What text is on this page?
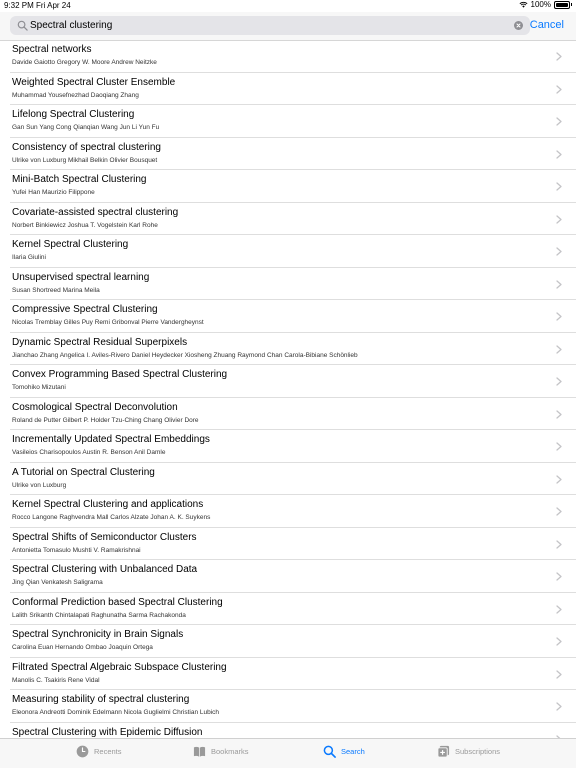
9:32 PM Fri Apr 24	100%
Spectral clustering
Cancel
Spectral networks
Davide Gaiotto Gregory W. Moore Andrew Neitzke
Weighted Spectral Cluster Ensemble
Muhammad Yousefnezhad Daoqiang Zhang
Lifelong Spectral Clustering
Gan Sun Yang Cong Qianqian Wang Jun Li Yun Fu
Consistency of spectral clustering
Ulrike von Luxburg Mikhail Belkin Olivier Bousquet
Mini-Batch Spectral Clustering
Yufei Han Maurizio Filippone
Covariate-assisted spectral clustering
Norbert Binkiewicz Joshua T. Vogelstein Karl Rohe
Kernel Spectral Clustering
Ilaria Giulini
Unsupervised spectral learning
Susan Shortreed Marina Meila
Compressive Spectral Clustering
Nicolas Tremblay Gilles Puy Remi Gribonval Pierre Vandergheynst
Dynamic Spectral Residual Superpixels
Jianchao Zhang Angelica I. Aviles-Rivero Daniel Heydecker Xiosheng Zhuang Raymond Chan Carola-Bibiane Schönlieb
Convex Programming Based Spectral Clustering
Tomohiko Mizutani
Cosmological Spectral Deconvolution
Roland de Putter Gilbert P. Holder Tzu-Ching Chang Olivier Dore
Incrementally Updated Spectral Embeddings
Vasileios Charisopoulos Austin R. Benson Anil Damle
A Tutorial on Spectral Clustering
Ulrike von Luxburg
Kernel Spectral Clustering and applications
Rocco Langone Raghvendra Mall Carlos Alzate Johan A. K. Suykens
Spectral Shifts of Semiconductor Clusters
Antonietta Tomasulo Mushti V. Ramakrishnai
Spectral Clustering with Unbalanced Data
Jing Qian Venkatesh Saligrama
Conformal Prediction based Spectral Clustering
Lalith Srikanth Chintalapati Raghunatha Sarma Rachakonda
Spectral Synchronicity in Brain Signals
Carolina Euan Hernando Ombao Joaquin Ortega
Filtrated Spectral Algebraic Subspace Clustering
Manolis C. Tsakiris Rene Vidal
Measuring stability of spectral clustering
Eleonora Andreotti Dominik Edelmann Nicola Guglielmi Christian Lubich
Spectral Clustering with Epidemic Diffusion
Recents	Bookmarks	Search	Subscriptions
